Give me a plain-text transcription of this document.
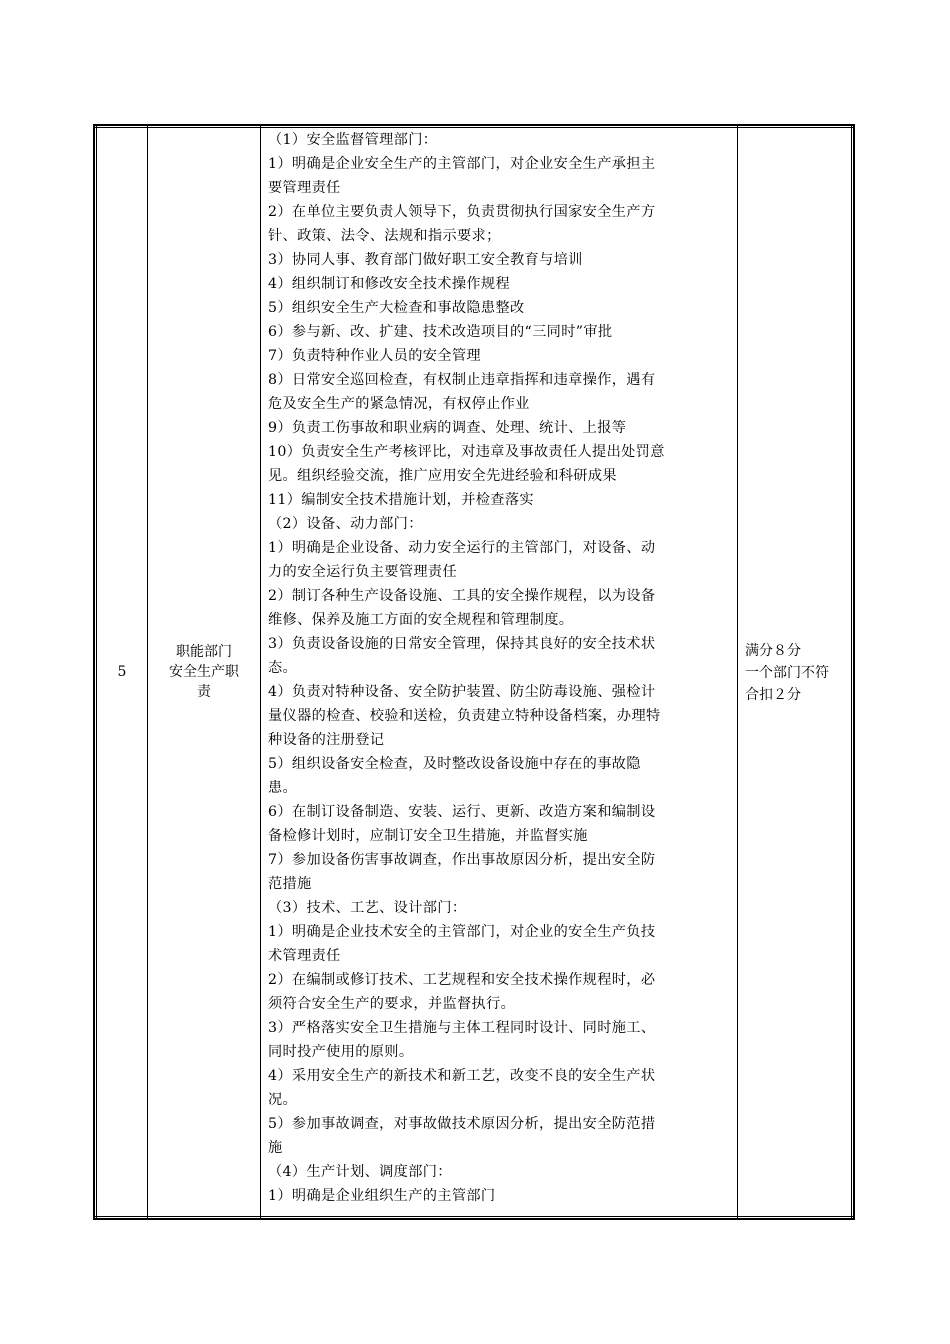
5
职能部门
安全生产职
责
（1）安全监督管理部门：
1）明确是企业安全生产的主管部门，对企业安全生产承担主
要管理责任
2）在单位主要负责人领导下，负责贯彻执行国家安全生产方
针、政策、法令、法规和指示要求；
3）协同人事、教育部门做好职工安全教育与培训
4）组织制订和修改安全技术操作规程
5）组织安全生产大检查和事故隐患整改
6）参与新、改、扩建、技术改造项目的“三同时”审批
7）负责特种作业人员的安全管理
8）日常安全巡回检查，有权制止违章指挥和违章操作，遇有
危及安全生产的紧急情况，有权停止作业
9）负责工伤事故和职业病的调查、处理、统计、上报等
10）负责安全生产考核评比，对违章及事故责任人提出处罚意
见。组织经验交流，推广应用安全先进经验和科研成果
11）编制安全技术措施计划，并检查落实
（2）设备、动力部门：
1）明确是企业设备、动力安全运行的主管部门，对设备、动
力的安全运行负主要管理责任
2）制订各种生产设备设施、工具的安全操作规程，以为设备
维修、保养及施工方面的安全规程和管理制度。
3）负责设备设施的日常安全管理，保持其良好的安全技术状
态。
4）负责对特种设备、安全防护装置、防尘防毒设施、强检计
量仪器的检查、校验和送检，负责建立特种设备档案，办理特
种设备的注册登记
5）组织设备安全检查，及时整改设备设施中存在的事故隐
患。
6）在制订设备制造、安装、运行、更新、改造方案和编制设
备检修计划时，应制订安全卫生措施，并监督实施
7）参加设备伤害事故调查，作出事故原因分析，提出安全防
范措施
（3）技术、工艺、设计部门：
1）明确是企业技术安全的主管部门，对企业的安全生产负技
术管理责任
2）在编制或修订技术、工艺规程和安全技术操作规程时，必
须符合安全生产的要求，并监督执行。
3）严格落实安全卫生措施与主体工程同时设计、同时施工、
同时投产使用的原则。
4）采用安全生产的新技术和新工艺，改变不良的安全生产状
况。
5）参加事故调查，对事故做技术原因分析，提出安全防范措
施
（4）生产计划、调度部门：
1）明确是企业组织生产的主管部门
满分８分
一个部门不符
合扣２分
